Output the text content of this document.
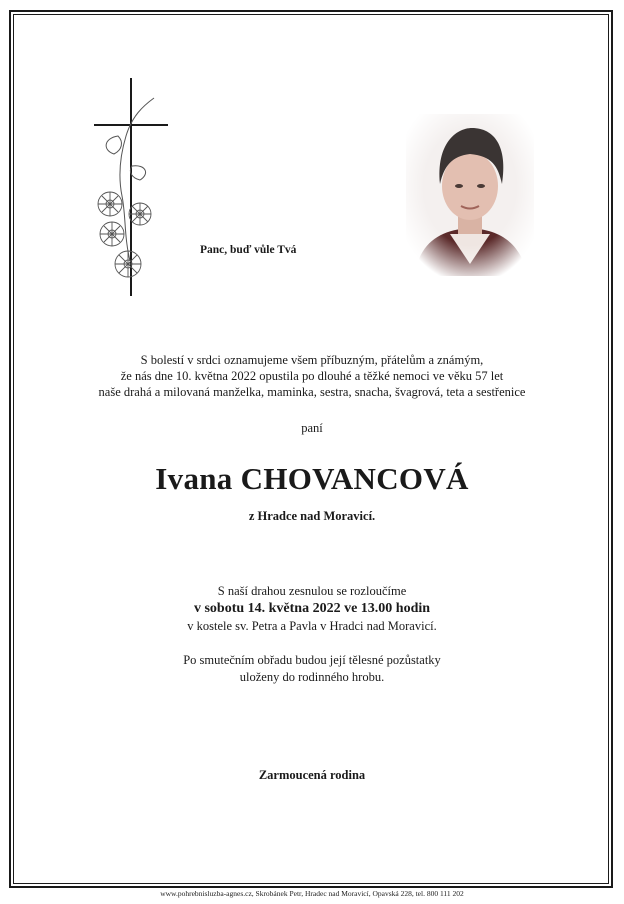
Panc, buď vůle Tvá
S bolestí v srdci oznamujeme všem příbuzným, přátelům a známým,
že nás dne 10. května 2022 opustila po dlouhé a těžké nemoci ve věku 57 let
naše drahá a milovaná manželka, maminka, sestra, snacha, švagrová, teta a sestřenice
paní
Ivana CHOVANCOVÁ
z Hradce nad Moravicí.
S naší drahou zesnulou se rozloučíme
v sobotu 14. května 2022 ve 13.00 hodin
v kostele sv. Petra a Pavla v Hradci nad Moravicí.
Po smutečním obřadu budou její tělesné pozůstatky
uloženy do rodinného hrobu.
Zarmoucená rodina
www.pohrebnisluzba-agnes.cz, Skrobánek Petr, Hradec nad Moravicí, Opavská 228, tel. 800 111 202
